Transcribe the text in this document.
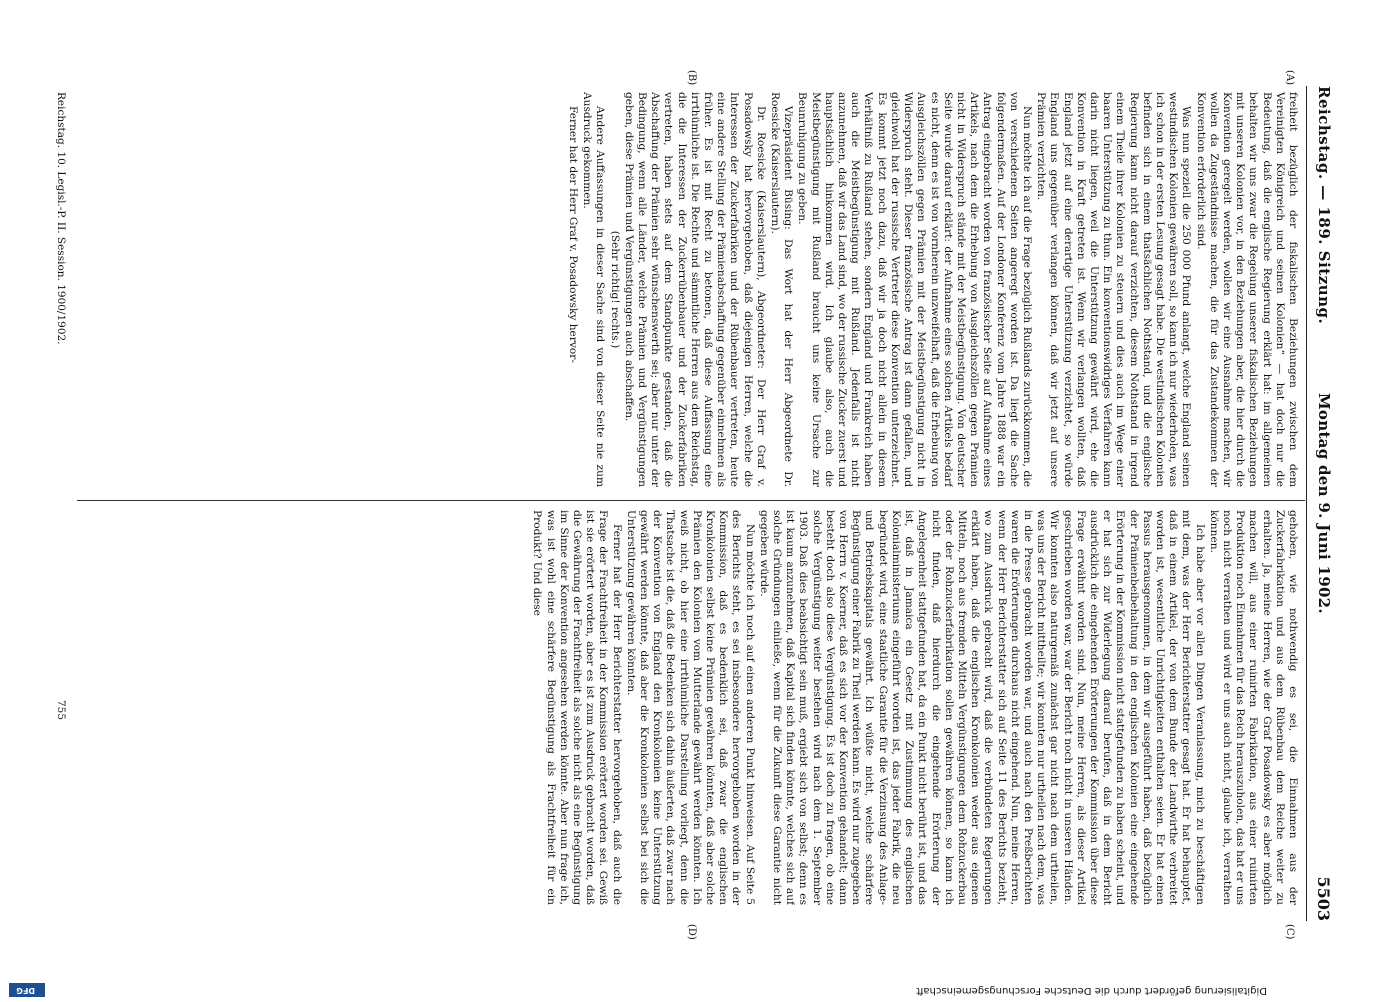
Reichstag. — 189. Sitzung.
Montag den 9. Juni 1902.
5503
(A)
(B)
(C)
(D)

freiheit bezüglich der fiskalischen Beziehungen zwischen dem Vereinigten Königreich und seinen Kolonien“ — hat doch nur die Bedeutung, daß die englische Regierung erklärt hat: im allgemeinen behalten wir uns zwar die Regelung unserer fiskalischen Beziehungen mit unseren Kolonien vor, in den Beziehungen aber, die hier durch die Konvention geregelt werden, wollen wir eine Ausnahme machen, wir wollen da Zugeständnisse machen, die für das Zustandekommen der Konvention erforderlich sind.

Was nun speziell die 250 000 Pfund anlangt, welche England seinen westindischen Kolonien gewähren soll, so kann ich nur wiederholen, was ich schon in der ersten Lesung gesagt habe. Die westindischen Kolonien befinden sich in einem thatsächlichen Nothstand, und die englische Regierung kann nicht darauf verzichten, diesem Nothstand in irgend einem Theile ihrer Kolonien zu steuern und dies auch im Wege einer baaren Unterstützung zu thun. Ein konventionswidriges Verfahren kann darin nicht liegen, weil die Unterstützung gewährt wird, ehe die Konvention in Kraft getreten ist. Wenn wir verlangen wollten, daß England jetzt auf eine derartige Unterstützung verzichtet, so würde England uns gegenüber verlangen können, daß wir jetzt auf unsere Prämien verzichten.

Nun möchte ich auf die Frage bezüglich Rußlands zurückkommen, die von verschiedenen Seiten angeregt worden ist. Da liegt die Sache folgendermaßen. Auf der Londoner Konferenz vom Jahre 1888 war ein Antrag eingebracht worden von französischer Seite auf Aufnahme eines Artikels, nach dem die Erhebung von Ausgleichszöllen gegen Prämien nicht in Widerspruch stände mit der Meistbegünstigung. Von deutscher Seite wurde darauf erklärt: der Aufnahme eines solchen Artikels bedarf es nicht, denn es ist von vornherein unzweifelhaft, daß die Erhebung von Ausgleichszöllen gegen Prämien mit der Meistbegünstigung nicht in Widerspruch steht. Dieser französische Antrag ist dann gefallen, und gleichwohl hat der russische Vertreter diese Konvention unterzeichnet. Es kommt jetzt noch dazu, daß wir ja doch nicht allein in diesem Verhältniß zu Rußland stehen, sondern England und Frankreich haben auch die Meistbegünstigung mit Rußland. Jedenfalls ist nicht anzunehmen, daß wir das Land sind, wo der russische Zucker zuerst und hauptsächlich hinkommen wird. Ich glaube also, auch die Meistbegünstigung mit Rußland braucht uns keine Ursache zur Beunruhigung zu geben.

Vizepräsident Büsing: Das Wort hat der Herr Abgeordnete Dr. Roesicke (Kaiserslautern).

Dr. Roesicke (Kaiserslautern), Abgeordneter: Der Herr Graf v. Posadowsky hat hervorgehoben, daß diejenigen Herren, welche die Interessen der Zuckerfabriken und der Rübenbauer vertreten, heute eine andere Stellung der Prämienabschaffung gegenüber einnehmen als früher. Es ist mit Recht zu betonen, daß diese Auffassung eine irrthümliche ist. Die Rechte und sämmtliche Herren aus dem Reichstag, die die Interessen der Zuckerrübenbauer und der Zuckerfabriken vertreten, haben stets auf dem Standpunkte gestanden, daß die Abschaffung der Prämien sehr wünschenswerth sei; aber nur unter der Bedingung, wenn alle Länder, welche Prämien und Vergünstigungen geben, diese Prämien und Vergünstigungen auch abschaffen.

(Sehr richtig! rechts.)

Andere Auffassungen in dieser Sache sind von dieser Seite nie zum Ausdruck gekommen.

Ferner hat der Herr Graf v. Posadowsky hervor-

gehoben, wie nothwendig es sei, die Einnahmen aus der Zuckerfabrikation und aus dem Rübenbau dem Reiche weiter zu erhalten. Ja, meine Herren, wie der Graf Posadowsky es aber möglich machen will, aus einer ruinirten Fabrikation, aus einer ruinirten Produktion noch Einnahmen für das Reich herauszuholen, das hat er uns noch nicht verrathen und wird er uns auch nicht, glaube ich, verrathen können.

Ich habe aber vor allen Dingen Veranlassung, mich zu beschäftigen mit dem, was der Herr Berichterstatter gesagt hat. Er hat behauptet, daß in einem Artikel, der von dem Bunde der Landwirthe verbreitet worden ist, wesentliche Unrichtigkeiten enthalten seien. Er hat einen Passus herausgenommen, in dem wir ausgeführt haben, daß bezüglich der Prämienbeibehaltung in den englischen Kolonien eine eingehende Erörterung in der Kommission nicht stattgefunden zu haben scheint, und er hat sich zur Widerlegung darauf berufen, daß in dem Bericht ausdrücklich die eingehenden Erörterungen der Kommission über diese Frage erwähnt worden sind. Nun, meine Herren, als dieser Artikel geschrieben worden war, war der Bericht noch nicht in unseren Händen. Wir konnten also naturgemäß zunächst gar nicht nach dem urtheilen, was uns der Bericht mittheilte; wir konnten nur urtheilen nach dem, was in die Presse gebracht worden war, und auch nach den Preßberichten waren die Erörterungen durchaus nicht eingehend. Nun, meine Herren, wenn der Herr Berichterstatter sich auf Seite 11 des Berichts bezieht, wo zum Ausdruck gebracht wird, daß die verbündeten Regierungen erklärt haben, daß die englischen Kronkolonien weder aus eigenen Mitteln, noch aus fremden Mitteln Vergünstigungen dem Rohzuckerbau oder der Rohzuckerfabrikation sollen gewähren können, so kann ich nicht finden, daß hierdurch die eingehende Erörterung der Angelegenheit stattgefunden hat, da ein Punkt nicht berührt ist, und das ist, daß in Jamaica ein Gesetz mit Zustimmung des englischen Kolonialministeriums eingeführt worden ist, das jeder Fabrik, die neu begründet wird, eine staatliche Garantie für die Verzinsung des Anlage- und Betriebskapitals gewährt. Ich wüßte nicht, welche schärfere Begünstigung einer Fabrik zu Theil werden kann. Es wird nur zugegeben von Herrn v. Koerner, daß es sich vor der Konvention gehandelt; dann besteht doch also diese Vergünstigung. Es ist doch zu fragen, ob eine solche Vergünstigung weiter bestehen wird nach dem 1. September 1903. Daß dies beabsichtigt sein muß, ergiebt sich von selbst; denn es ist kaum anzunehmen, daß Kapital sich finden könnte, welches sich auf solche Gründungen einließe, wenn für die Zukunft diese Garantie nicht gegeben würde.

Nun möchte ich noch auf einen anderen Punkt hinweisen. Auf Seite 5 des Berichts steht, es sei insbesondere hervorgehoben worden in der Kommission, daß es bedenklich sei, daß zwar die englischen Kronkolonien selbst keine Prämien gewähren könnten, daß aber solche Prämien den Kolonien vom Mutterlande gewährt werden könnten. Ich weiß nicht, ob hier eine irrthümliche Darstellung vorliegt, denn die Thatsache ist die, daß die Bedenken sich dahin äußerten, daß zwar nach der Konvention von England den Kronkolonien keine Unterstützung gewährt werden könnte, daß aber die Kronkolonien selbst bei sich die Unterstützung gewähren könnten.

Ferner hat der Herr Berichterstatter hervorgehoben, daß auch die Frage der Frachtfreiheit in der Kommission erörtert worden sei. Gewiß ist sie erörtert worden, aber es ist zum Ausdruck gebracht worden, daß die Gewährung der Frachtfreiheit als solche nicht als eine Begünstigung im Sinne der Konvention angesehen werden könnte. Aber nun frage ich, was ist wohl eine schärfere Begünstigung als Frachtfreiheit für ein Produkt? Und diese

Reichstag. 10. Legisl.-P. II. Session. 1900/1902.
755
Digitalisierung gefördert durch die Deutsche Forschungsgemeinschaft
DFG
